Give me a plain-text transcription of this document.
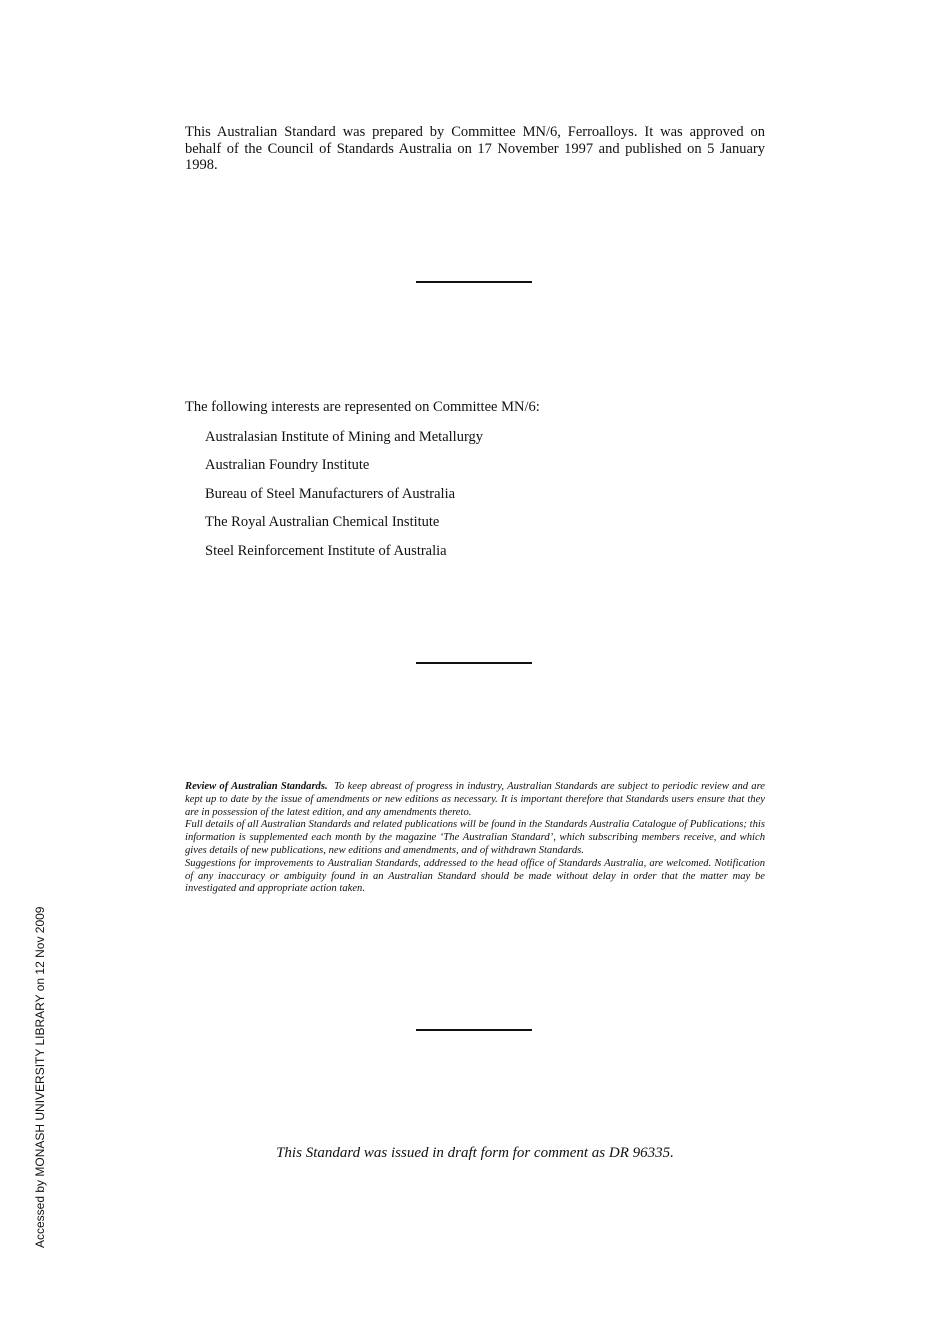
This Australian Standard was prepared by Committee MN/6, Ferroalloys. It was approved on behalf of the Council of Standards Australia on 17 November 1997 and published on 5 January 1998.
The following interests are represented on Committee MN/6:
Australasian Institute of Mining and Metallurgy
Australian Foundry Institute
Bureau of Steel Manufacturers of Australia
The Royal Australian Chemical Institute
Steel Reinforcement Institute of Australia

Review of Australian Standards. To keep abreast of progress in industry, Australian Standards are subject to periodic review and are kept up to date by the issue of amendments or new editions as necessary. It is important therefore that Standards users ensure that they are in possession of the latest edition, and any amendments thereto.

Full details of all Australian Standards and related publications will be found in the Standards Australia Catalogue of Publications; this information is supplemented each month by the magazine ‘The Australian Standard’, which subscribing members receive, and which gives details of new publications, new editions and amendments, and of withdrawn Standards.

Suggestions for improvements to Australian Standards, addressed to the head office of Standards Australia, are welcomed. Notification of any inaccuracy or ambiguity found in an Australian Standard should be made without delay in order that the matter may be investigated and appropriate action taken.

This Standard was issued in draft form for comment as DR 96335.
Accessed by MONASH UNIVERSITY LIBRARY on 12 Nov 2009
